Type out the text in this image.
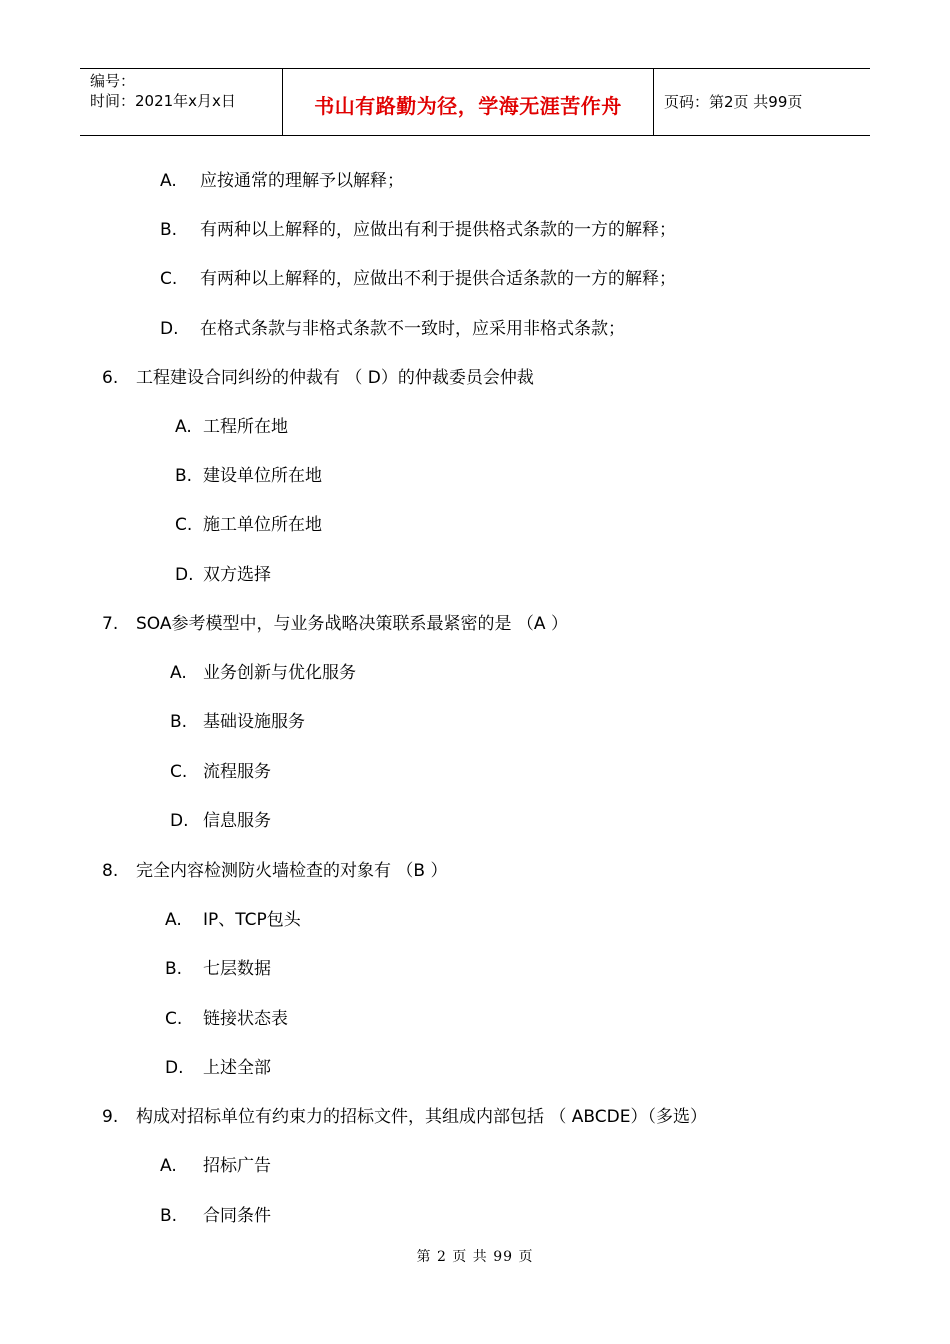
编号：
时间：2021年x月x日	书山有路勤为径，学海无涯苦作舟	页码：第2页 共99页
A. 应按通常的理解予以解释；
B. 有两种以上解释的，应做出有利于提供格式条款的一方的解释；
C. 有两种以上解释的，应做出不利于提供合适条款的一方的解释；
D. 在格式条款与非格式条款不一致时，应采用非格式条款；
6. 工程建设合同纠纷的仲裁有 （ D）的仲裁委员会仲裁
A. 工程所在地
B. 建设单位所在地
C. 施工单位所在地
D. 双方选择
7. SOA参考模型中，与业务战略决策联系最紧密的是 （A ）
A. 业务创新与优化服务
B. 基础设施服务
C. 流程服务
D. 信息服务
8. 完全内容检测防火墙检查的对象有 （B ）
A. IP、TCP包头
B. 七层数据
C. 链接状态表
D. 上述全部
9. 构成对招标单位有约束力的招标文件，其组成内部包括 （ ABCDE）（多选）
A. 招标广告
B. 合同条件
第 2 页 共 99 页
